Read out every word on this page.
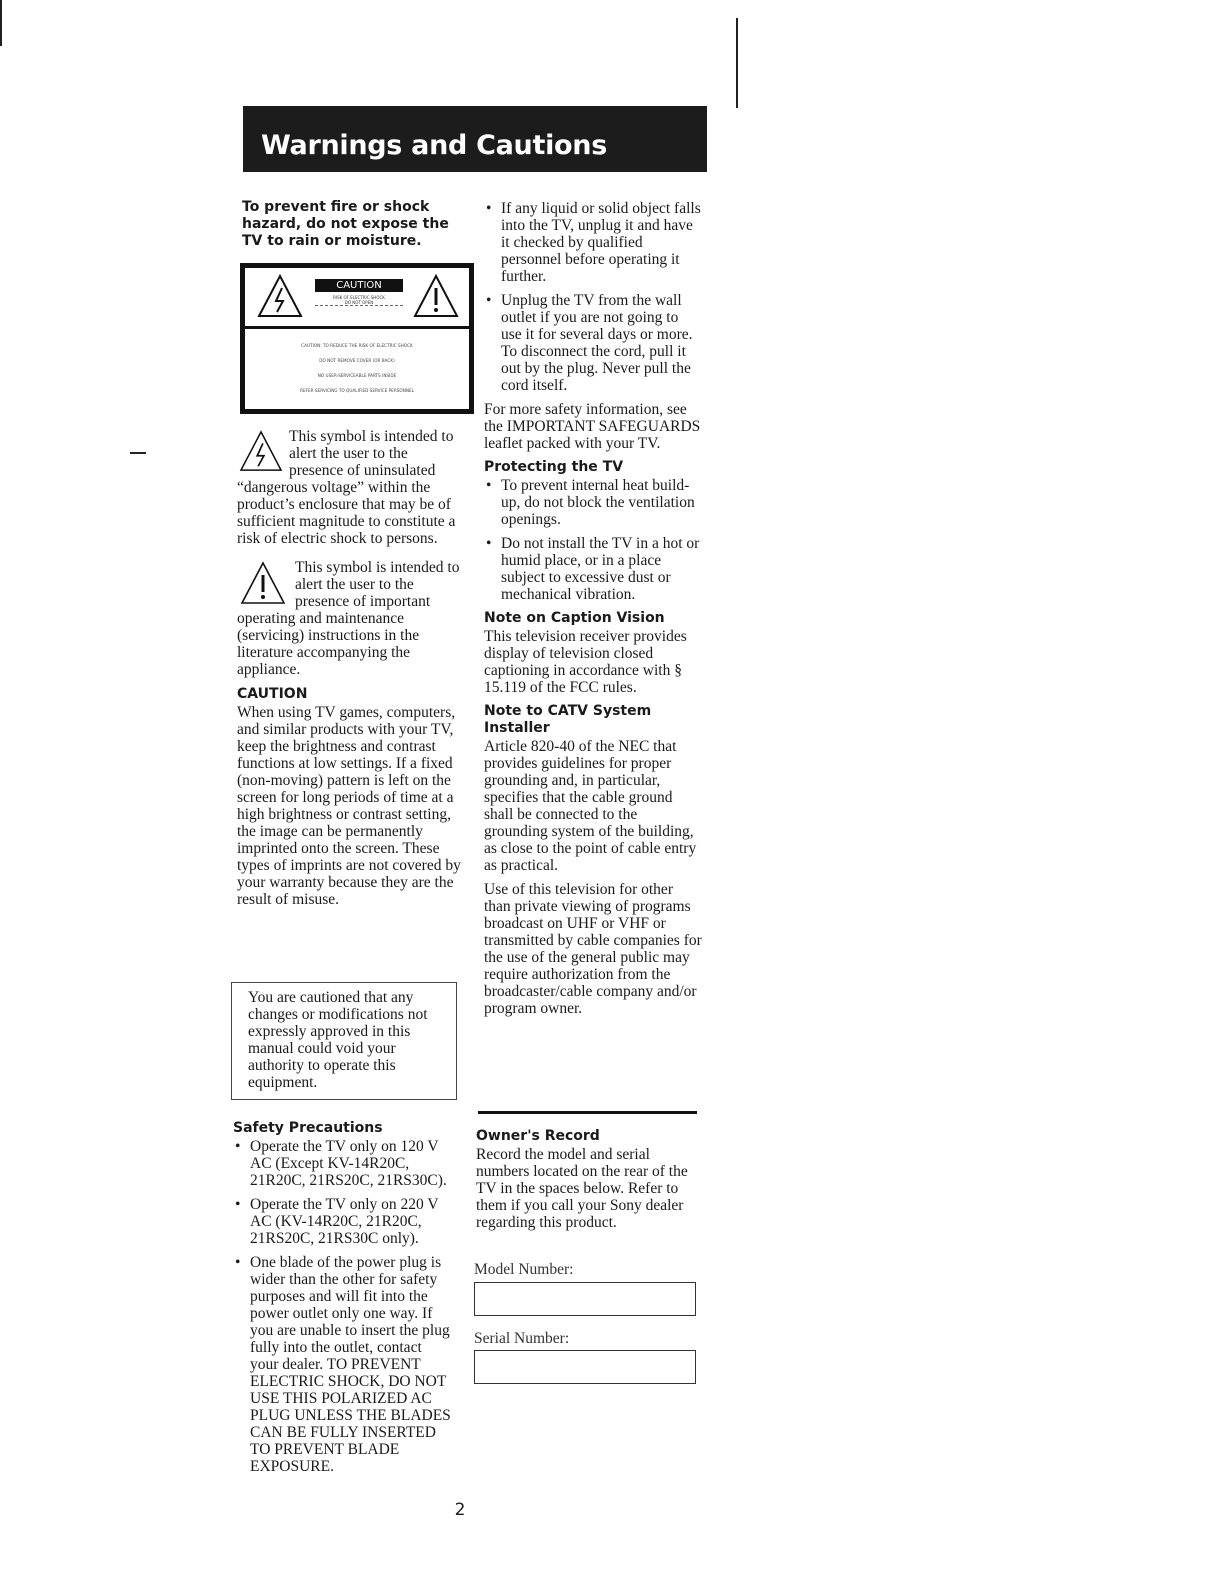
Warnings and Cautions
To prevent fire or shock hazard, do not expose the TV to rain or moisture.
CAUTION
RISK OF ELECTRIC SHOCK
DO NOT OPEN
CAUTION: TO REDUCE THE RISK OF ELECTRIC SHOCK
DO NOT REMOVE COVER (OR BACK)
NO USER-SERVICEABLE PARTS INSIDE
REFER SERVICING TO QUALIFIED SERVICE PERSONNEL
This symbol is intended to alert the user to the presence of uninsulated “dangerous voltage” within the product’s enclosure that may be of sufficient magnitude to constitute a risk of electric shock to persons.
This symbol is intended to alert the user to the presence of important operating and maintenance (servicing) instructions in the literature accompanying the appliance.
CAUTION

When using TV games, computers, and similar products with your TV, keep the brightness and contrast functions at low settings. If a fixed (non-moving) pattern is left on the screen for long periods of time at a high brightness or contrast setting, the image can be permanently imprinted onto the screen. These types of imprints are not covered by your warranty because they are the result of misuse.

You are cautioned that any changes or modifications not expressly approved in this manual could void your authority to operate this equipment.
Safety Precautions
• Operate the TV only on 120 V AC (Except KV-14R20C, 21R20C, 21RS20C, 21RS30C).
• Operate the TV only on 220 V AC (KV-14R20C, 21R20C, 21RS20C, 21RS30C only).
• One blade of the power plug is wider than the other for safety purposes and will fit into the power outlet only one way. If you are unable to insert the plug fully into the outlet, contact your dealer. TO PREVENT ELECTRIC SHOCK, DO NOT USE THIS POLARIZED AC PLUG UNLESS THE BLADES CAN BE FULLY INSERTED TO PREVENT BLADE EXPOSURE.
• If any liquid or solid object falls into the TV, unplug it and have it checked by qualified personnel before operating it further.
• Unplug the TV from the wall outlet if you are not going to use it for several days or more. To disconnect the cord, pull it out by the plug. Never pull the cord itself.

For more safety information, see the IMPORTANT SAFEGUARDS leaflet packed with your TV.

Protecting the TV
• To prevent internal heat build-up, do not block the ventilation openings.
• Do not install the TV in a hot or humid place, or in a place subject to excessive dust or mechanical vibration.
Note on Caption Vision

This television receiver provides display of television closed captioning in accordance with § 15.119 of the FCC rules.

Note to CATV System Installer

Article 820-40 of the NEC that provides guidelines for proper grounding and, in particular, specifies that the cable ground shall be connected to the grounding system of the building, as close to the point of cable entry as practical.

Use of this television for other than private viewing of programs broadcast on UHF or VHF or transmitted by cable companies for the use of the general public may require authorization from the broadcaster/cable company and/or program owner.

Owner's Record

Record the model and serial numbers located on the rear of the TV in the spaces below. Refer to them if you call your Sony dealer regarding this product.

Model Number:
Serial Number:
2
